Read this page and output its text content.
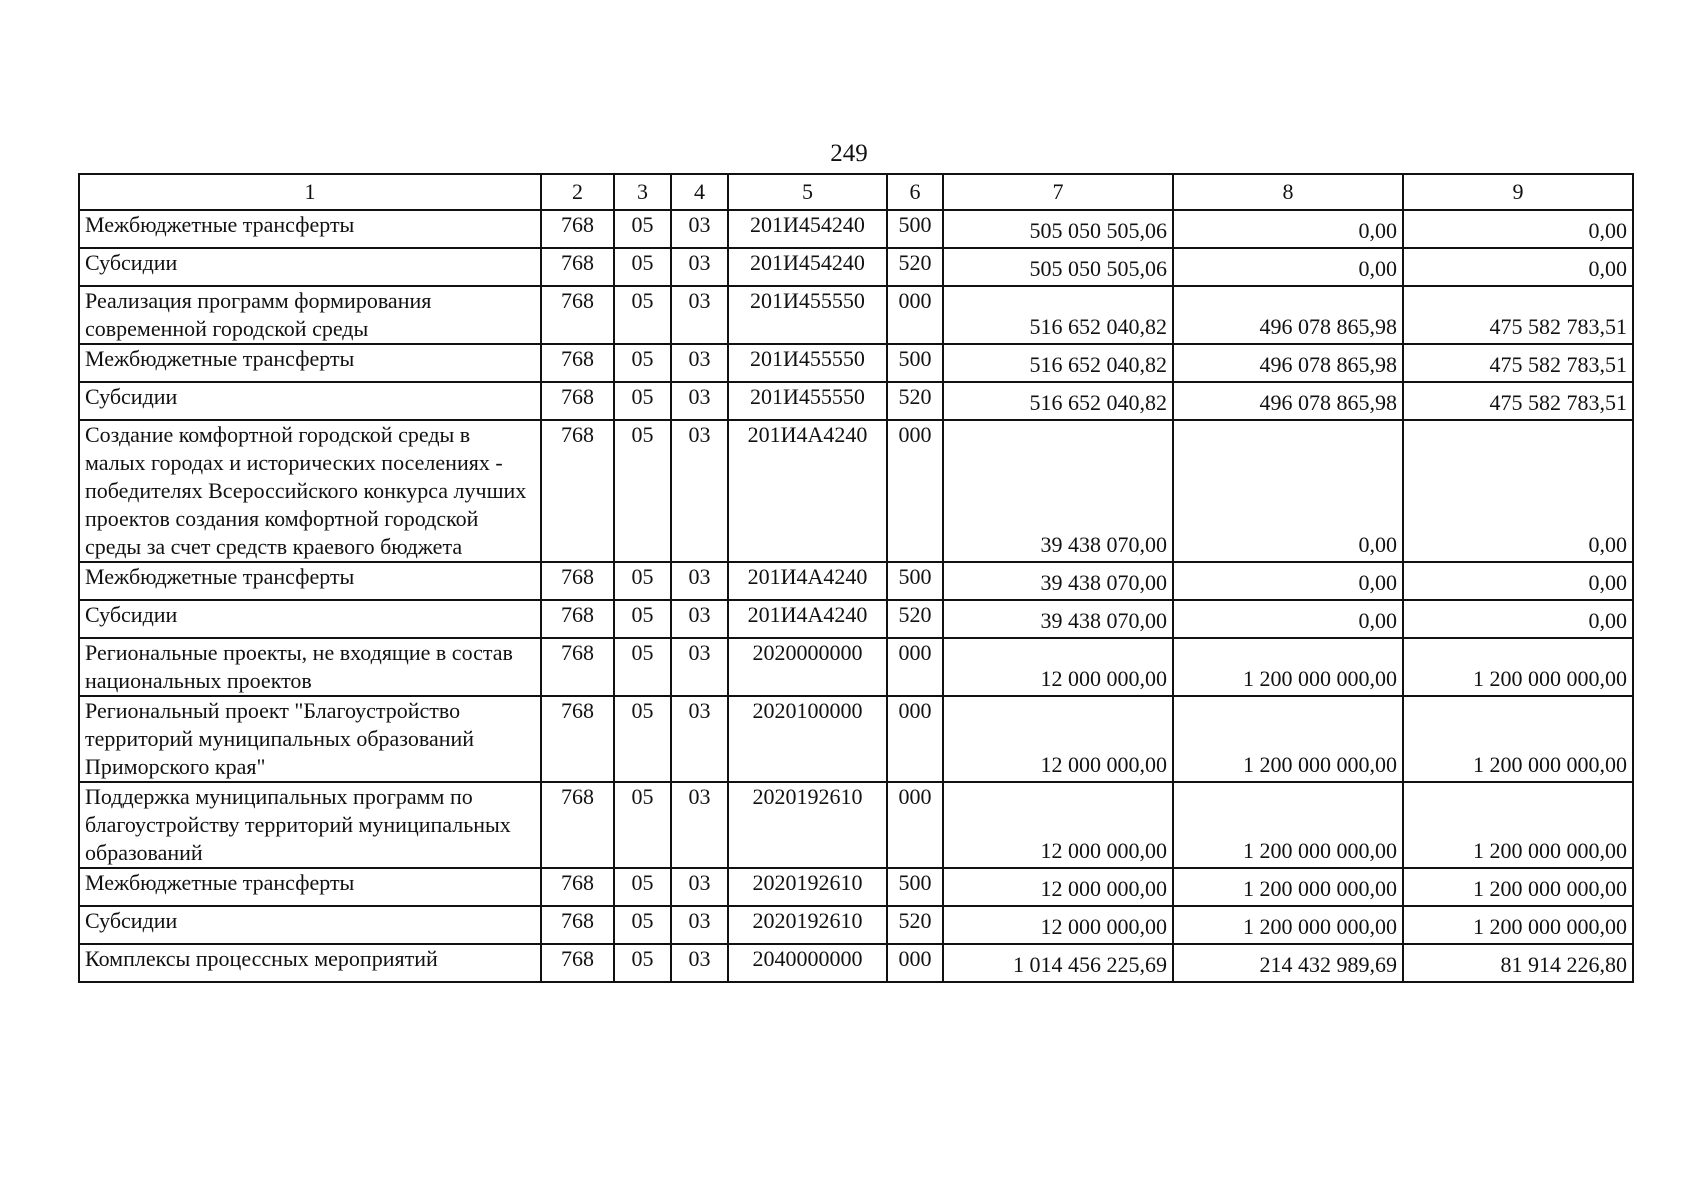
249
1	2	3	4	5	6	7	8	9
Межбюджетные трансферты	768	05	03	201И454240	500	505 050 505,06	0,00	0,00
Субсидии	768	05	03	201И454240	520	505 050 505,06	0,00	0,00
Реализация программ формирования современной городской среды	768	05	03	201И455550	000	516 652 040,82	496 078 865,98	475 582 783,51
Межбюджетные трансферты	768	05	03	201И455550	500	516 652 040,82	496 078 865,98	475 582 783,51
Субсидии	768	05	03	201И455550	520	516 652 040,82	496 078 865,98	475 582 783,51
Создание комфортной городской среды в малых городах и исторических поселениях - победителях Всероссийского конкурса лучших проектов создания комфортной городской среды за счет средств краевого бюджета	768	05	03	201И4А4240	000	39 438 070,00	0,00	0,00
Межбюджетные трансферты	768	05	03	201И4А4240	500	39 438 070,00	0,00	0,00
Субсидии	768	05	03	201И4А4240	520	39 438 070,00	0,00	0,00
Региональные проекты, не входящие в состав национальных проектов	768	05	03	2020000000	000	12 000 000,00	1 200 000 000,00	1 200 000 000,00
Региональный проект "Благоустройство территорий муниципальных образований Приморского края"	768	05	03	2020100000	000	12 000 000,00	1 200 000 000,00	1 200 000 000,00
Поддержка муниципальных программ по благоустройству территорий муниципальных образований	768	05	03	2020192610	000	12 000 000,00	1 200 000 000,00	1 200 000 000,00
Межбюджетные трансферты	768	05	03	2020192610	500	12 000 000,00	1 200 000 000,00	1 200 000 000,00
Субсидии	768	05	03	2020192610	520	12 000 000,00	1 200 000 000,00	1 200 000 000,00
Комплексы процессных мероприятий	768	05	03	2040000000	000	1 014 456 225,69	214 432 989,69	81 914 226,80
